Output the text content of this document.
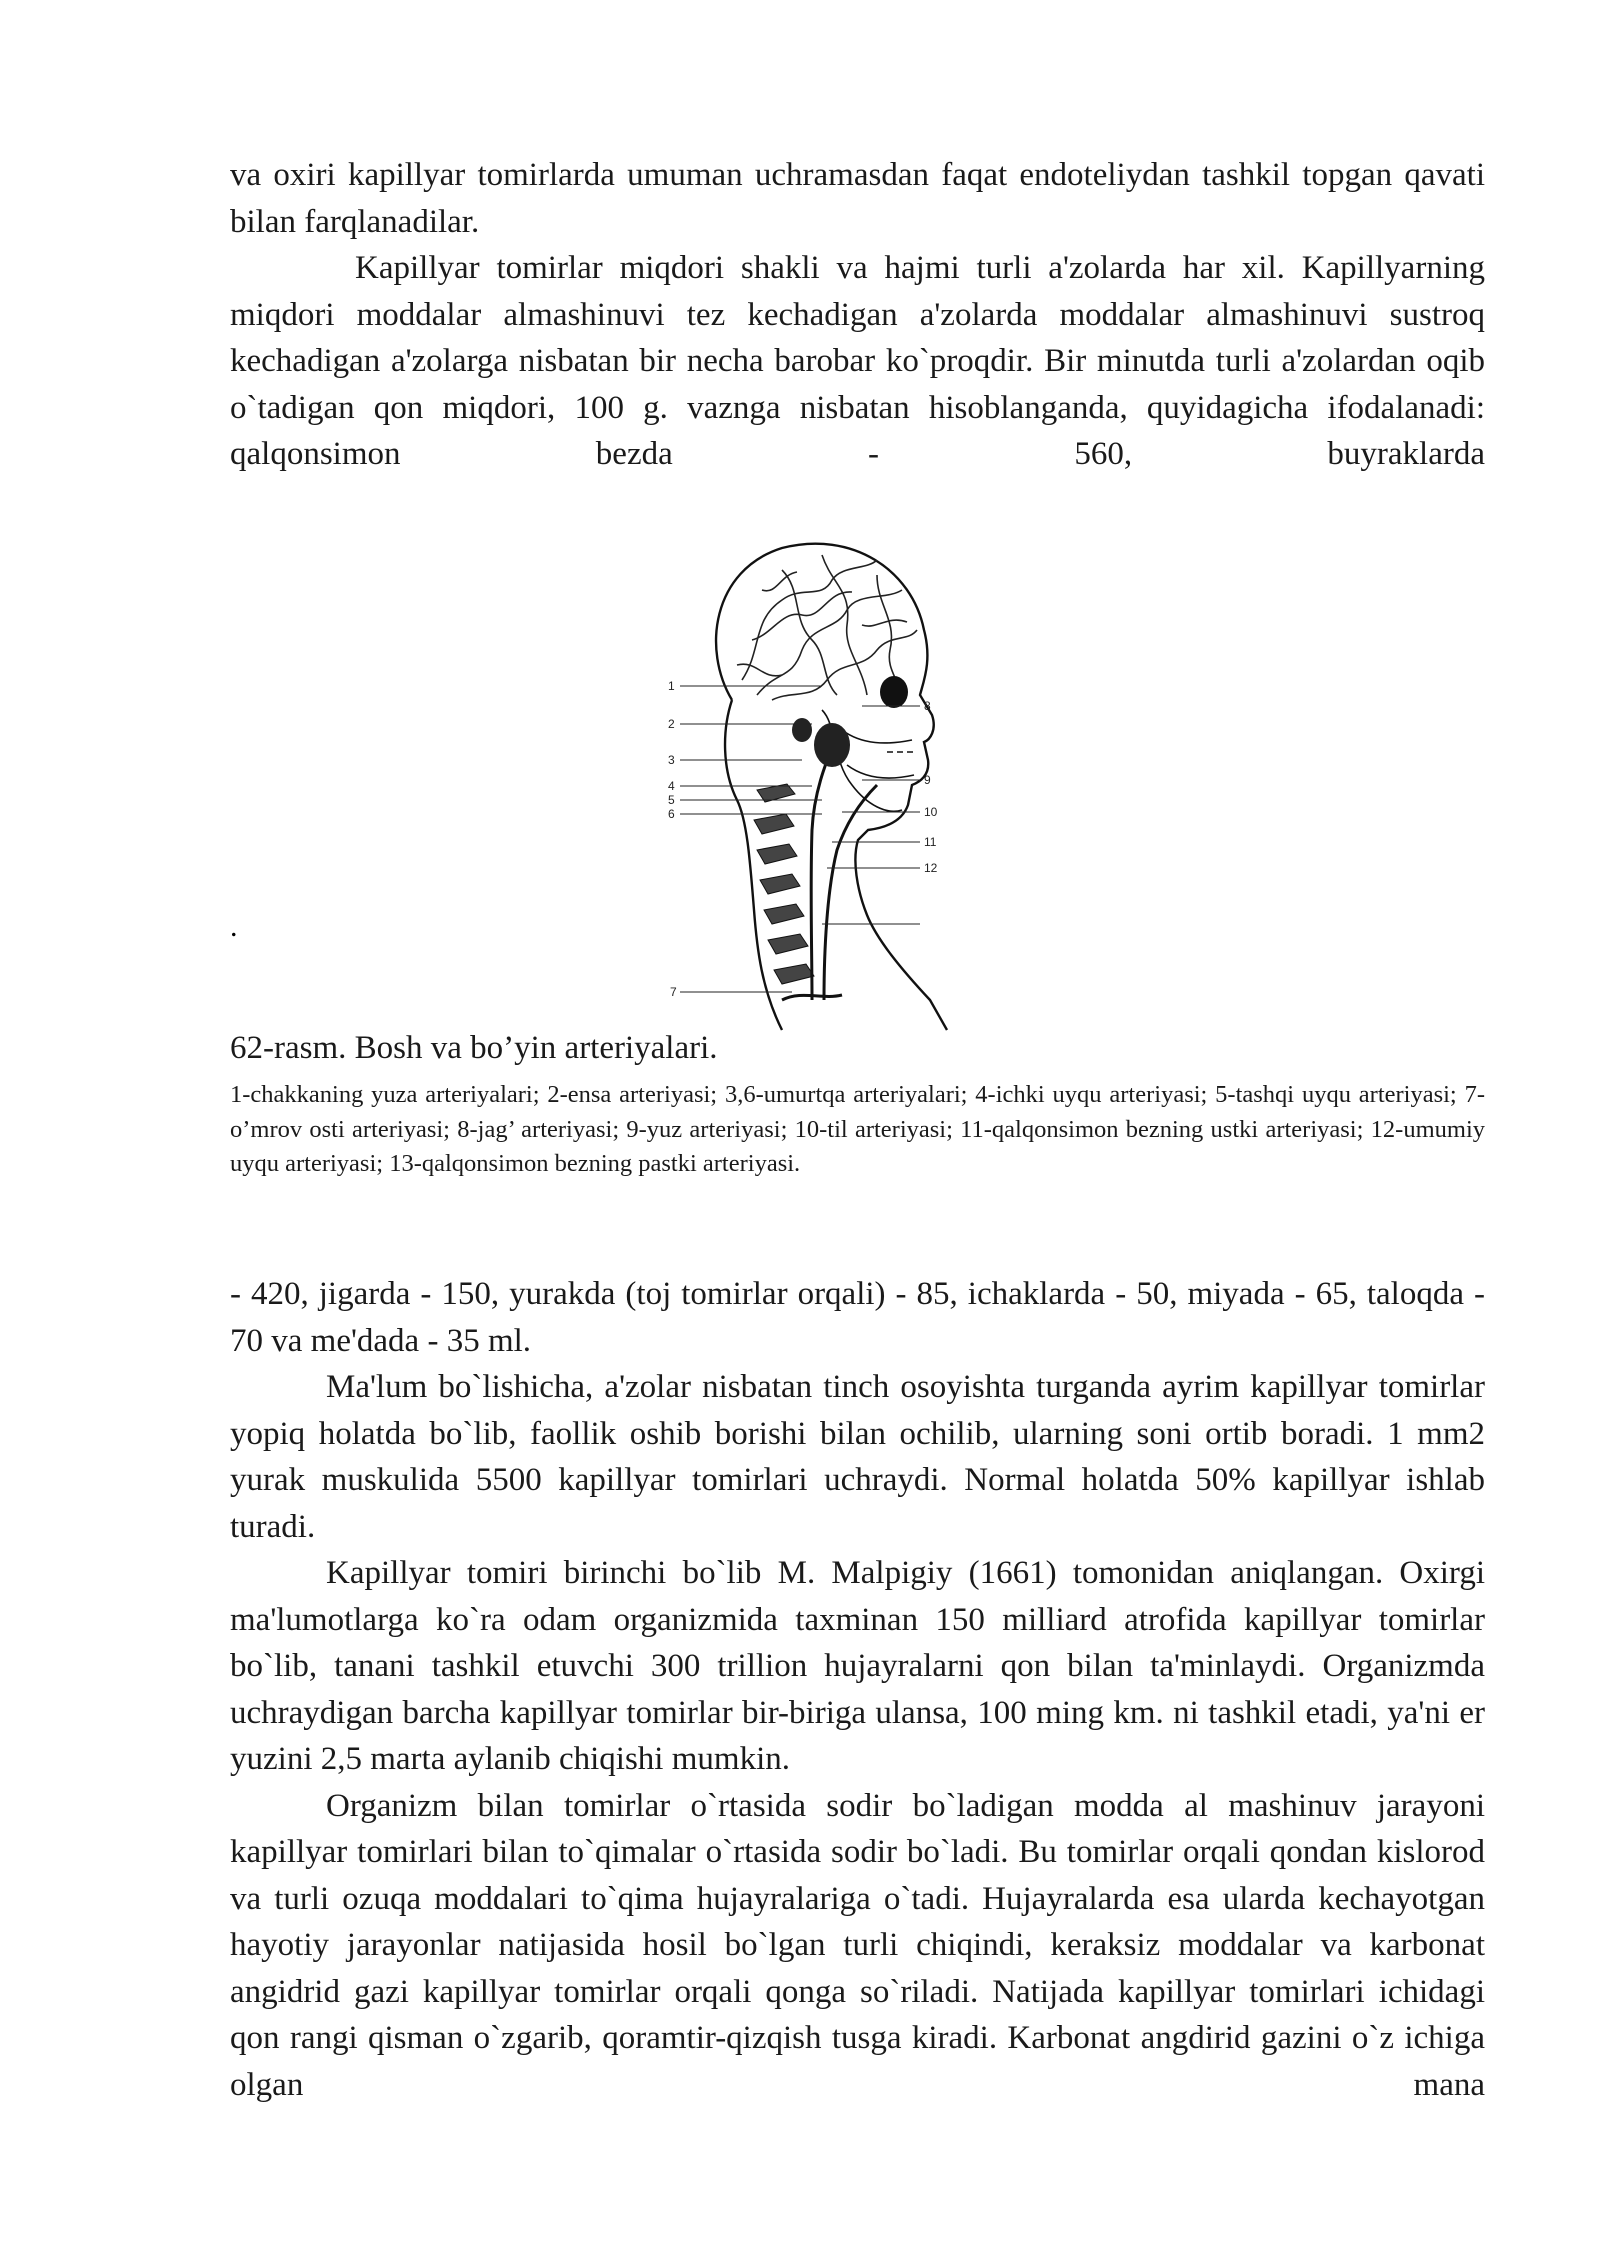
va oxiri kapillyar tomirlarda umuman uchramasdan faqat endoteliydan tashkil topgan qavati bilan farqlanadilar.

Kapillyar tomirlar miqdori shakli va hajmi turli a'zolarda har xil. Kapillyarning miqdori moddalar almashinuvi tez kechadigan a'zolarda moddalar almashinuvi sustroq kechadigan a'zolarga nisbatan bir necha barobar ko`proqdir. Bir minutda turli a'zolardan oqib o`tadigan qon miqdori, 100 g. vaznga nisbatan hisoblanganda, quyidagicha ifodalanadi: qalqonsimon bezda - 560, buyraklarda

1
2
3
4
5
6
7
8
9
10
11
12
.
62-rasm. Bosh va bo’yin arteriyalari.
1-chakkaning yuza arteriyalari; 2-ensa arteriyasi; 3,6-umurtqa arteriyalari; 4-ichki uyqu arteriyasi; 5-tashqi uyqu arteriyasi; 7-o’mrov osti arteriyasi; 8-jag’ arteriyasi; 9-yuz arteriyasi; 10-til arteriyasi; 11-qalqonsimon bezning ustki arteriyasi; 12-umumiy uyqu arteriyasi; 13-qalqonsimon bezning pastki arteriyasi.

- 420, jigarda - 150, yurakda (toj tomirlar orqali) - 85, ichaklarda - 50, miyada - 65, taloqda - 70 va me'dada - 35 ml.

Ma'lum bo`lishicha, a'zolar nisbatan tinch osoyishta turganda ayrim kapillyar tomirlar yopiq holatda bo`lib, faollik oshib borishi bilan ochilib, ularning soni ortib boradi. 1 mm2 yurak muskulida 5500 kapillyar tomirlari uchraydi. Normal holatda 50% kapillyar ishlab turadi.

Kapillyar tomiri birinchi bo`lib M. Malpigiy (1661) tomonidan aniqlangan. Oxirgi ma'lumotlarga ko`ra odam organizmida taxminan 150 milliard atrofida kapillyar tomirlar bo`lib, tanani tashkil etuvchi 300 trillion hujayralarni qon bilan ta'minlaydi. Organizmda uchraydigan barcha kapillyar tomirlar bir-biriga ulansa, 100 ming km. ni tashkil etadi, ya'ni er yuzini 2,5 marta aylanib chiqishi mumkin.

Organizm bilan tomirlar o`rtasida sodir bo`ladigan modda al mashinuv jarayoni kapillyar tomirlari bilan to`qimalar o`rtasida sodir bo`ladi. Bu tomirlar orqali qondan kislorod va turli ozuqa moddalari to`qima hujayralariga o`tadi. Hujayralarda esa ularda kechayotgan hayotiy jarayonlar natijasida hosil bo`lgan turli chiqindi, keraksiz moddalar va karbonat angidrid gazi kapillyar tomirlar orqali qonga so`riladi. Natijada kapillyar tomirlari ichidagi qon rangi qisman o`zgarib, qoramtir-qizqish tusga kiradi. Karbonat angdirid gazini o`z ichiga olgan mana
